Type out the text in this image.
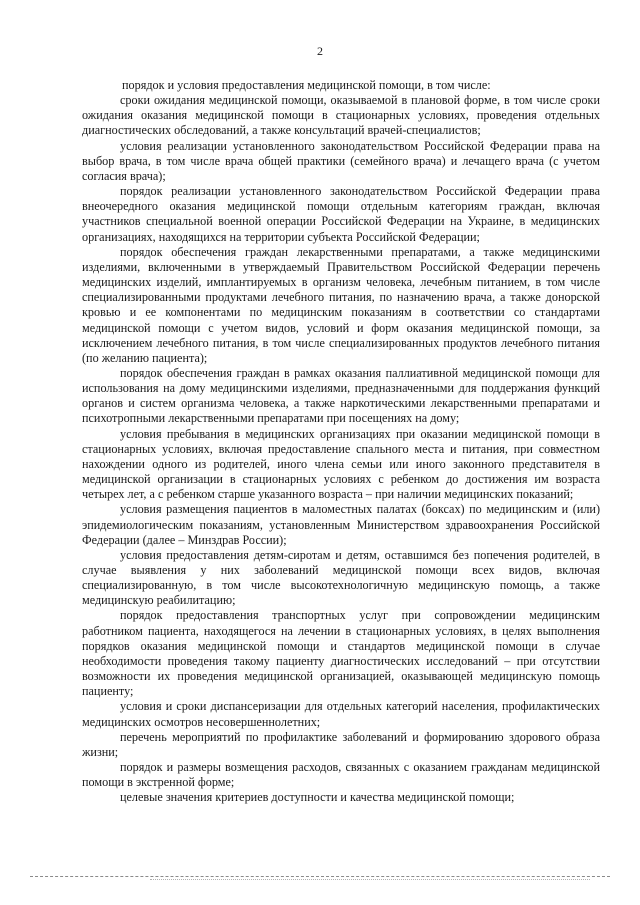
2

порядок и условия предоставления медицинской помощи, в том числе:

сроки ожидания медицинской помощи, оказываемой в плановой форме, в том числе сроки ожидания оказания медицинской помощи в стационарных условиях, проведения отдельных диагностических обследований, а также консультаций врачей-специалистов;

условия реализации установленного законодательством Российской Федерации права на выбор врача, в том числе врача общей практики (семейного врача) и лечащего врача (с учетом согласия врача);

порядок реализации установленного законодательством Российской Федерации права внеочередного оказания медицинской помощи отдельным категориям граждан, включая участников специальной военной операции Российской Федерации на Украине, в медицинских организациях, находящихся на территории субъекта Российской Федерации;

порядок обеспечения граждан лекарственными препаратами, а также медицинскими изделиями, включенными в утверждаемый Правительством Российской Федерации перечень медицинских изделий, имплантируемых в организм человека, лечебным питанием, в том числе специализированными продуктами лечебного питания, по назначению врача, а также донорской кровью и ее компонентами по медицинским показаниям в соответствии со стандартами медицинской помощи с учетом видов, условий и форм оказания медицинской помощи, за исключением лечебного питания, в том числе специализированных продуктов лечебного питания (по желанию пациента);

порядок обеспечения граждан в рамках оказания паллиативной медицинской помощи для использования на дому медицинскими изделиями, предназначенными для поддержания функций органов и систем организма человека, а также наркотическими лекарственными препаратами и психотропными лекарственными препаратами при посещениях на дому;

условия пребывания в медицинских организациях при оказании медицинской помощи в стационарных условиях, включая предоставление спального места и питания, при совместном нахождении одного из родителей, иного члена семьи или иного законного представителя в медицинской организации в стационарных условиях с ребенком до достижения им возраста четырех лет, а с ребенком старше указанного возраста – при наличии медицинских показаний;

условия размещения пациентов в маломестных палатах (боксах) по медицинским и (или) эпидемиологическим показаниям, установленным Министерством здравоохранения Российской Федерации (далее – Минздрав России);

условия предоставления детям-сиротам и детям, оставшимся без попечения родителей, в случае выявления у них заболеваний медицинской помощи всех видов, включая специализированную, в том числе высокотехнологичную медицинскую помощь, а также медицинскую реабилитацию;

порядок предоставления транспортных услуг при сопровождении медицинским работником пациента, находящегося на лечении в стационарных условиях, в целях выполнения порядков оказания медицинской помощи и стандартов медицинской помощи в случае необходимости проведения такому пациенту диагностических исследований – при отсутствии возможности их проведения медицинской организацией, оказывающей медицинскую помощь пациенту;

условия и сроки диспансеризации для отдельных категорий населения, профилактических медицинских осмотров несовершеннолетних;

перечень мероприятий по профилактике заболеваний и формированию здорового образа жизни;

порядок и размеры возмещения расходов, связанных с оказанием гражданам медицинской помощи в экстренной форме;

целевые значения критериев доступности и качества медицинской помощи;
